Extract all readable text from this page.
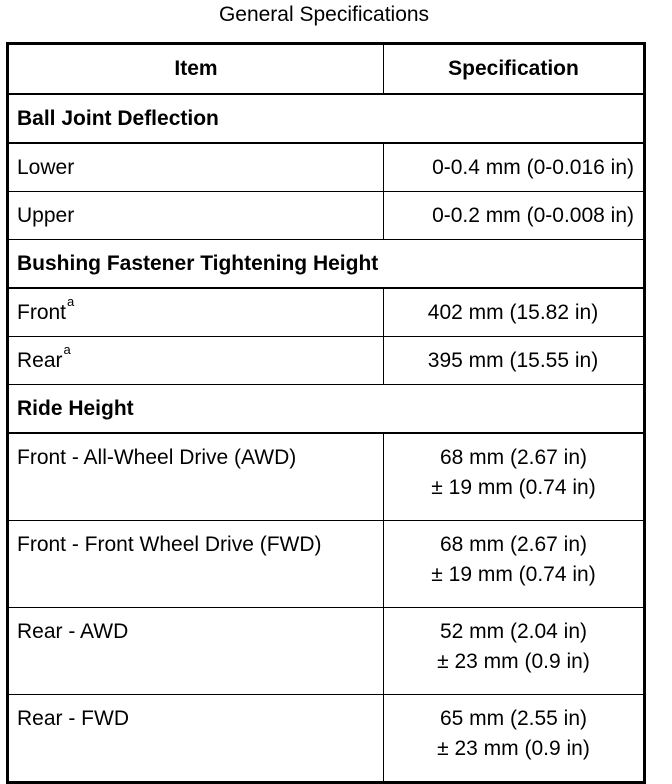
General Specifications
Item	Specification
Ball Joint Deflection	
Lower	0-0.4 mm (0-0.016 in)
Upper	0-0.2 mm (0-0.008 in)
Bushing Fastener Tightening Height	
Front$^a$	402 mm (15.82 in)
Rear$^a$	395 mm (15.55 in)
Ride Height	
Front - All-Wheel Drive (AWD)	68 mm (2.67 in)
± 19 mm (0.74 in)

Front - Front Wheel Drive (FWD)	68 mm (2.67 in)
± 19 mm (0.74 in)

Rear - AWD	52 mm (2.04 in)
± 23 mm (0.9 in)

Rear - FWD	65 mm (2.55 in)
± 23 mm (0.9 in)
